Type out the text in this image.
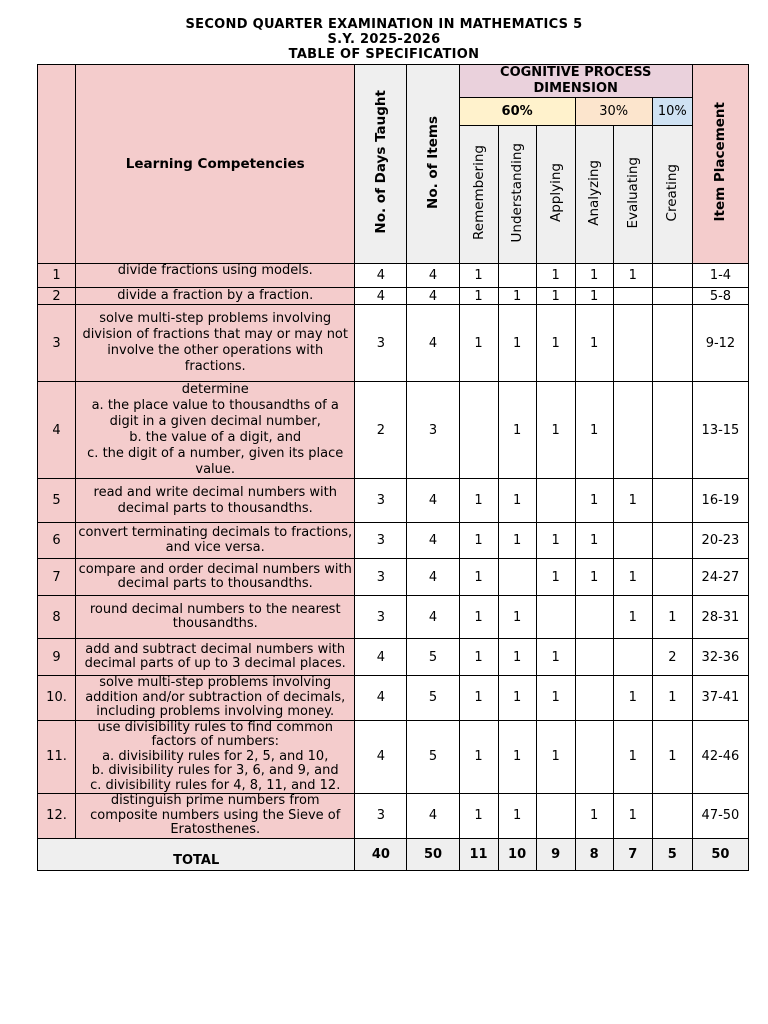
SECOND QUARTER EXAMINATION IN MATHEMATICS 5
S.Y. 2025-2026
TABLE OF SPECIFICATION
	Learning Competencies	No. of Days Taught	No. of Items	COGNITIVE PROCESS DIMENSION						Item Placement
				60%			30%		10%	
				Remembering	Understanding	Applying	Analyzing	Evaluating	Creating	
1	divide fractions using models.	4	4	1		1	1	1		1-4
2	divide a fraction by a fraction.	4	4	1	1	1	1			5-8
3	solve multi-step problems involving division of fractions that may or may not involve the other operations with fractions.	3	4	1	1	1	1			9-12
4	determine
a. the place value to thousandths of a digit in a given decimal number,
b. the value of a digit, and
c. the digit of a number, given its place value.	2	3		1	1	1			13-15
5	read and write decimal numbers with decimal parts to thousandths.	3	4	1	1		1	1		16-19
6	convert terminating decimals to fractions, and vice versa.	3	4	1	1	1	1			20-23
7	compare and order decimal numbers with decimal parts to thousandths.	3	4	1		1	1	1		24-27
8	round decimal numbers to the nearest thousandths.	3	4	1	1			1	1	28-31
9	add and subtract decimal numbers with decimal parts of up to 3 decimal places.	4	5	1	1	1			2	32-36
10.	solve multi-step problems involving addition and/or subtraction of decimals, including problems involving money.	4	5	1	1	1		1	1	37-41
11.	use divisibility rules to find common factors of numbers:
a. divisibility rules for 2, 5, and 10,
b. divisibility rules for 3, 6, and 9, and
c. divisibility rules for 4, 8, 11, and 12.	4	5	1	1	1		1	1	42-46
12.	distinguish prime numbers from composite numbers using the Sieve of Eratosthenes.	3	4	1	1		1	1		47-50
TOTAL		40	50	11	10	9	8	7	5	50
